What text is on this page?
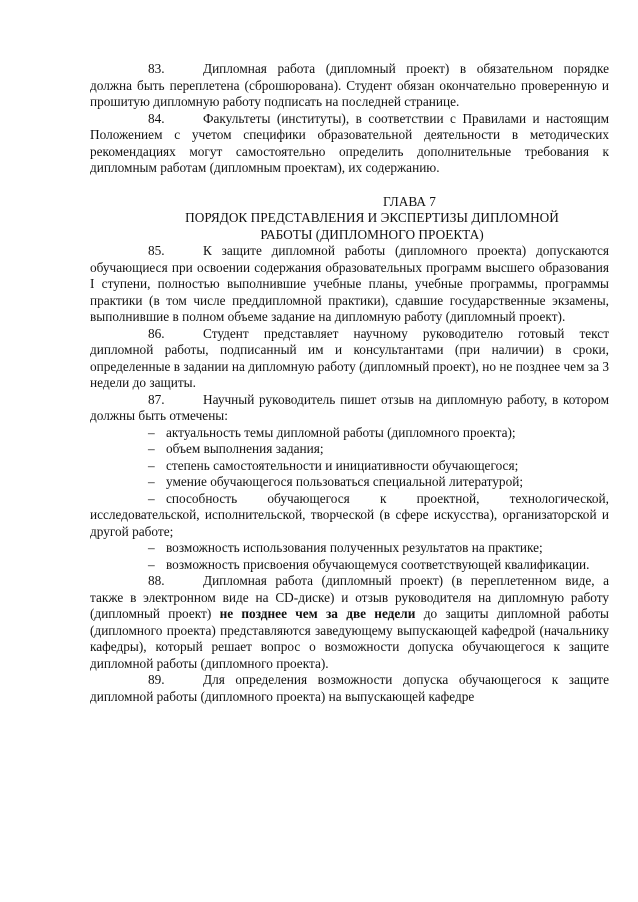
83.	Дипломная работа (дипломный проект) в обязательном порядке должна быть переплетена (сброшюрована). Студент обязан окончательно проверенную и прошитую дипломную работу подписать на последней странице.

84.	Факультеты (институты), в соответствии с Правилами и настоящим Положением с учетом специфики образовательной деятельности в методических рекомендациях могут самостоятельно определить дополнительные требования к дипломным работам (дипломным проектам), их содержанию.

ГЛАВА 7

ПОРЯДОК ПРЕДСТАВЛЕНИЯ И ЭКСПЕРТИЗЫ ДИПЛОМНОЙ

РАБОТЫ (ДИПЛОМНОГО ПРОЕКТА)

85.	К защите дипломной работы (дипломного проекта) допускаются обучающиеся при освоении содержания образовательных программ высшего образования I ступени, полностью выполнившие учебные планы, учебные программы, программы практики (в том числе преддипломной практики), сдавшие государственные экзамены, выполнившие в полном объеме задание на дипломную работу (дипломный проект).

86.	Студент представляет научному руководителю готовый текст дипломной работы, подписанный им и консультантами (при наличии) в сроки, определенные в задании на дипломную работу (дипломный проект), но не позднее чем за 3 недели до защиты.

87.	Научный руководитель пишет отзыв на дипломную работу, в котором должны быть отмечены:

– актуальность темы дипломной работы (дипломного проекта);

– объем выполнения задания;

– степень самостоятельности и инициативности обучающегося;

– умение обучающегося пользоваться специальной литературой;

– способность обучающегося к проектной, технологической, исследовательской, исполнительской, творческой (в сфере искусства), организаторской и другой работе;

– возможность использования полученных результатов на практике;

– возможность присвоения обучающемуся соответствующей квалификации.

88.	Дипломная работа (дипломный проект) (в переплетенном виде, а также в электронном виде на CD-диске) и отзыв руководителя на дипломную работу (дипломный проект) не позднее чем за две недели до защиты дипломной работы (дипломного проекта) представляются заведующему выпускающей кафедрой (начальнику кафедры), который решает вопрос о возможности допуска обучающегося к защите дипломной работы (дипломного проекта).

89.	Для определения возможности допуска обучающегося к защите дипломной работы (дипломного проекта) на выпускающей кафедре
